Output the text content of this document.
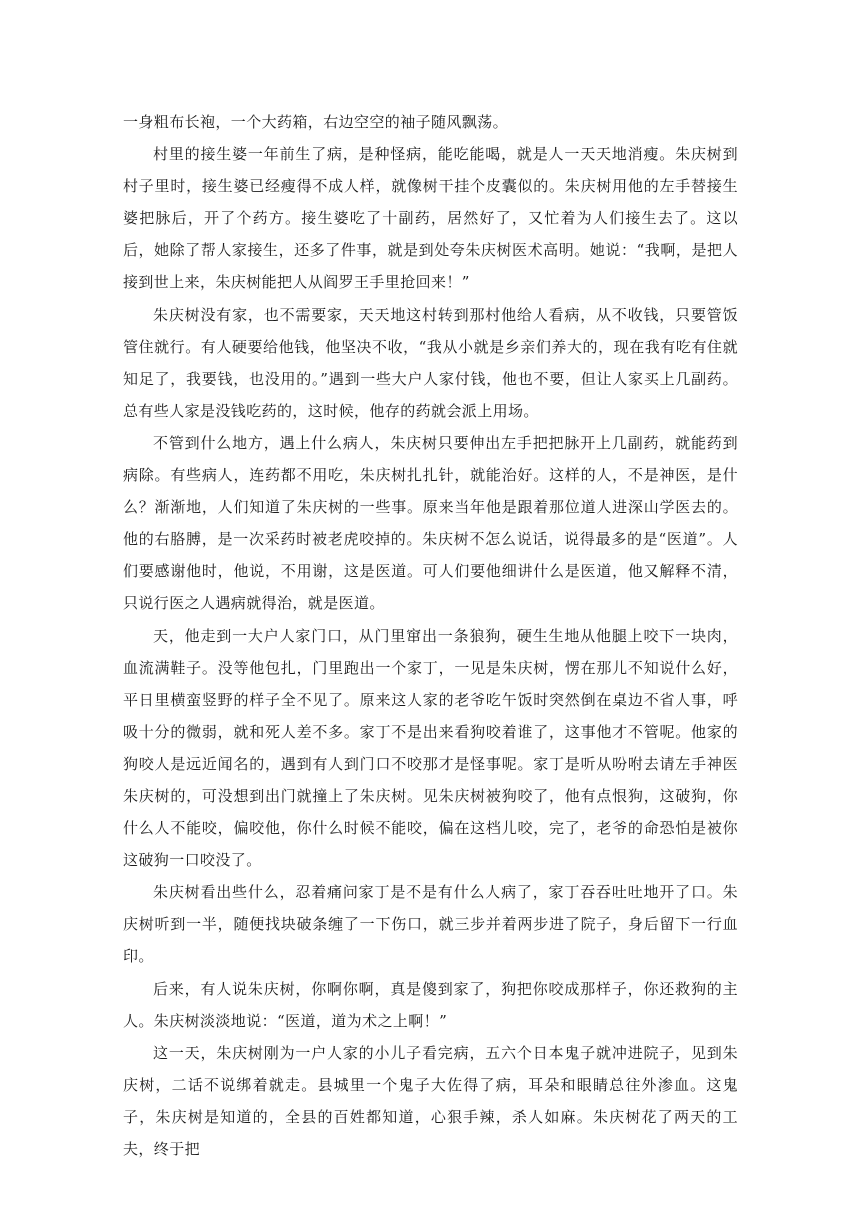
一身粗布长袍，一个大药箱，右边空空的袖子随风飘荡。

村里的接生婆一年前生了病，是种怪病，能吃能喝，就是人一天天地消瘦。朱庆树到村子里时，接生婆已经瘦得不成人样，就像树干挂个皮囊似的。朱庆树用他的左手替接生婆把脉后，开了个药方。接生婆吃了十副药，居然好了，又忙着为人们接生去了。这以后，她除了帮人家接生，还多了件事，就是到处夸朱庆树医术高明。她说：“我啊，是把人接到世上来，朱庆树能把人从阎罗王手里抢回来！”

朱庆树没有家，也不需要家，天天地这村转到那村他给人看病，从不收钱，只要管饭管住就行。有人硬要给他钱，他坚决不收，“我从小就是乡亲们养大的，现在我有吃有住就知足了，我要钱，也没用的。”遇到一些大户人家付钱，他也不要，但让人家买上几副药。总有些人家是没钱吃药的，这时候，他存的药就会派上用场。

不管到什么地方，遇上什么病人，朱庆树只要伸出左手把把脉开上几副药，就能药到病除。有些病人，连药都不用吃，朱庆树扎扎针，就能治好。这样的人，不是神医，是什么？渐渐地，人们知道了朱庆树的一些事。原来当年他是跟着那位道人进深山学医去的。他的右胳膊，是一次采药时被老虎咬掉的。朱庆树不怎么说话，说得最多的是“医道”。人们要感谢他时，他说，不用谢，这是医道。可人们要他细讲什么是医道，他又解释不清，只说行医之人遇病就得治，就是医道。

天，他走到一大户人家门口，从门里窜出一条狼狗，硬生生地从他腿上咬下一块肉，血流满鞋子。没等他包扎，门里跑出一个家丁，一见是朱庆树，愣在那儿不知说什么好，平日里横蛮竖野的样子全不见了。原来这人家的老爷吃午饭时突然倒在桌边不省人事，呼吸十分的微弱，就和死人差不多。家丁不是出来看狗咬着谁了，这事他才不管呢。他家的狗咬人是远近闻名的，遇到有人到门口不咬那才是怪事呢。家丁是听从吩咐去请左手神医朱庆树的，可没想到出门就撞上了朱庆树。见朱庆树被狗咬了，他有点恨狗，这破狗，你什么人不能咬，偏咬他，你什么时候不能咬，偏在这档儿咬，完了，老爷的命恐怕是被你这破狗一口咬没了。

朱庆树看出些什么，忍着痛问家丁是不是有什么人病了，家丁吞吞吐吐地开了口。朱庆树听到一半，随便找块破条缠了一下伤口，就三步并着两步进了院子，身后留下一行血印。

后来，有人说朱庆树，你啊你啊，真是傻到家了，狗把你咬成那样子，你还救狗的主人。朱庆树淡淡地说：“医道，道为术之上啊！”

这一天，朱庆树刚为一户人家的小儿子看完病，五六个日本鬼子就冲进院子，见到朱庆树，二话不说绑着就走。县城里一个鬼子大佐得了病，耳朵和眼睛总往外渗血。这鬼子，朱庆树是知道的，全县的百姓都知道，心狠手辣，杀人如麻。朱庆树花了两天的工夫，终于把
